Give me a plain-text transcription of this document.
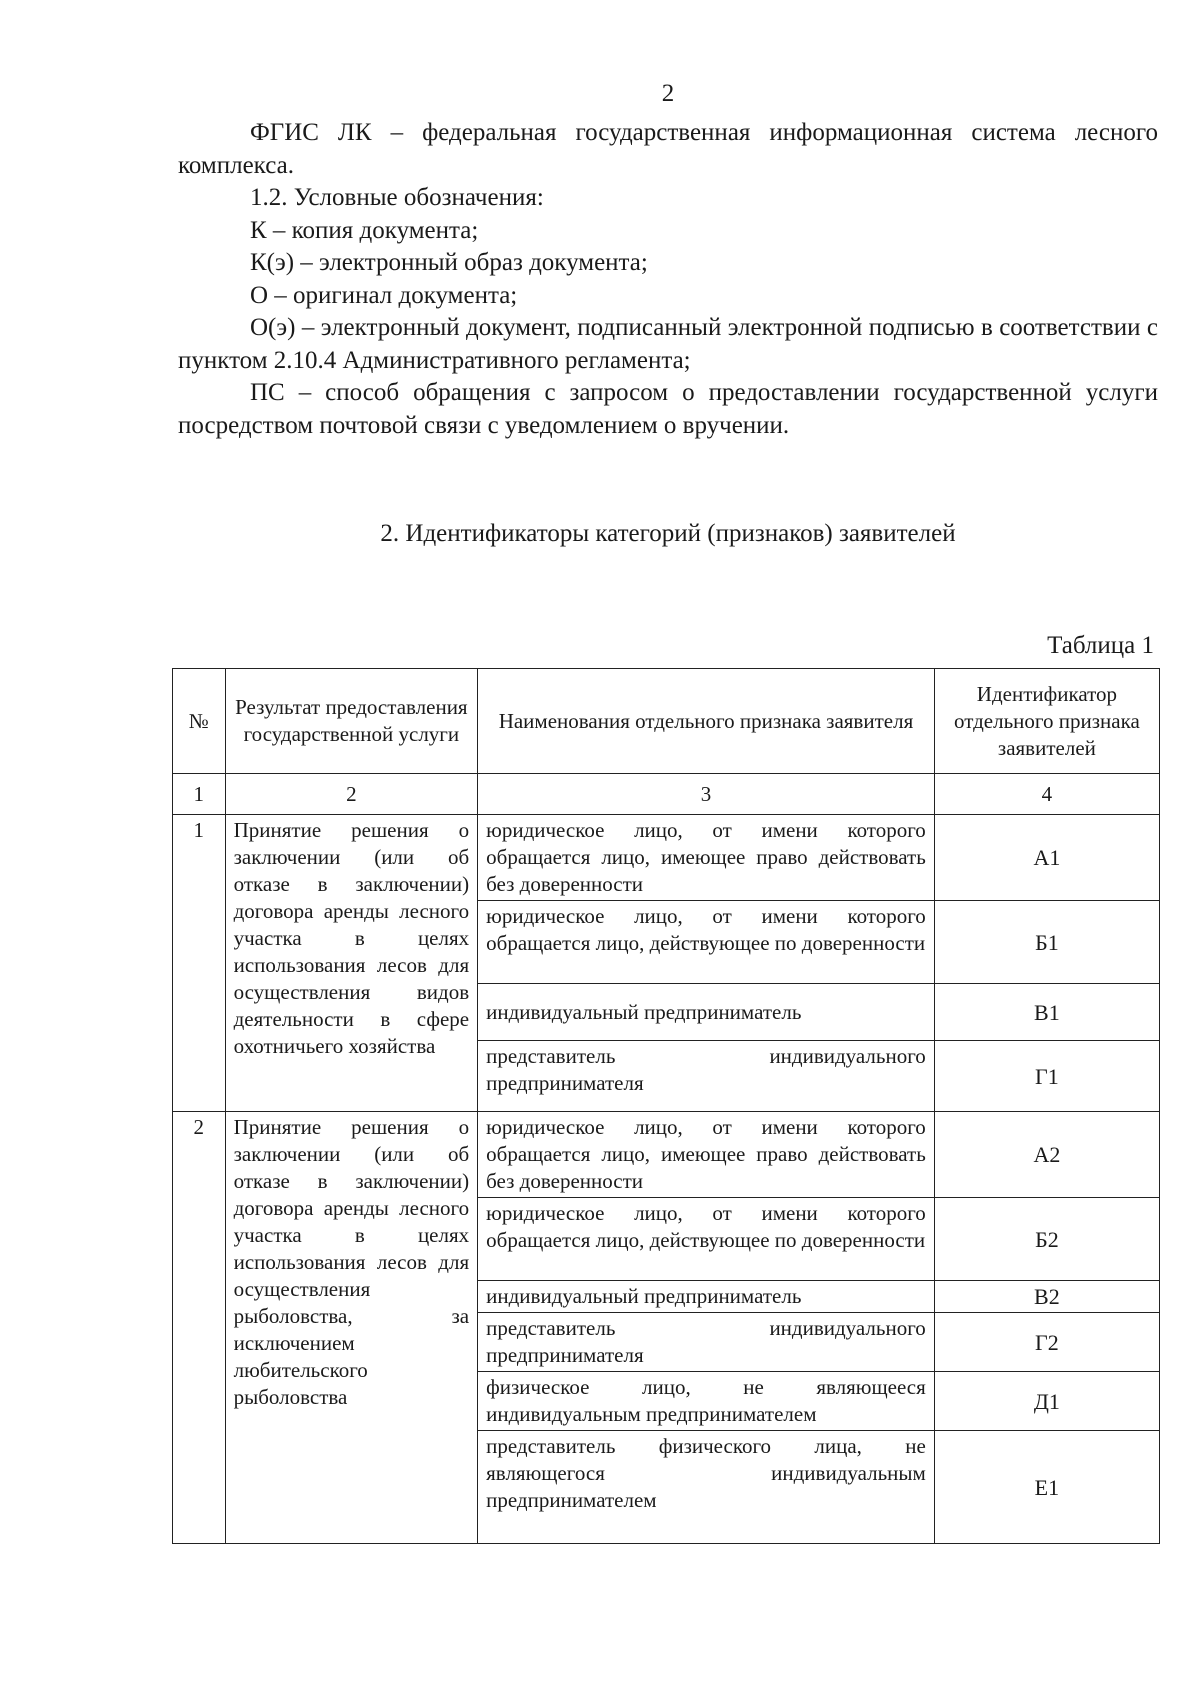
2

ФГИС ЛК – федеральная государственная информационная система лесного комплекса.

1.2. Условные обозначения:

К – копия документа;

К(э) – электронный образ документа;

О – оригинал документа;

О(э) – электронный документ, подписанный электронной подписью в соответствии с пунктом 2.10.4 Административного регламента;

ПС – способ обращения с запросом о предоставлении государственной услуги посредством почтовой связи с уведомлением о вручении.

2. Идентификаторы категорий (признаков) заявителей
Таблица 1
№	Результат предоставления государственной услуги	Наименования отдельного признака заявителя	Идентификатор отдельного признака заявителей
1	2	3	4
1	Принятие решения о заключении (или об отказе в заключении) договора аренды лесного участка в целях использования лесов для осуществления видов деятельности в сфере охотничьего хозяйства	юридическое лицо, от имени которого обращается лицо, имеющее право действовать без доверенности	А1
		юридическое лицо, от имени которого обращается лицо, действующее по доверенности	Б1
		индивидуальный предприниматель	В1
		представитель индивидуального предпринимателя	Г1
2	Принятие решения о заключении (или об отказе в заключении) договора аренды лесного участка в целях использования лесов для осуществления рыболовства, за исключением любительского рыболовства	юридическое лицо, от имени которого обращается лицо, имеющее право действовать без доверенности	А2
		юридическое лицо, от имени которого обращается лицо, действующее по доверенности	Б2
		индивидуальный предприниматель	В2
		представитель индивидуального предпринимателя	Г2
		физическое лицо, не являющееся индивидуальным предпринимателем	Д1
		представитель физического лица, не являющегося индивидуальным предпринимателем	Е1
